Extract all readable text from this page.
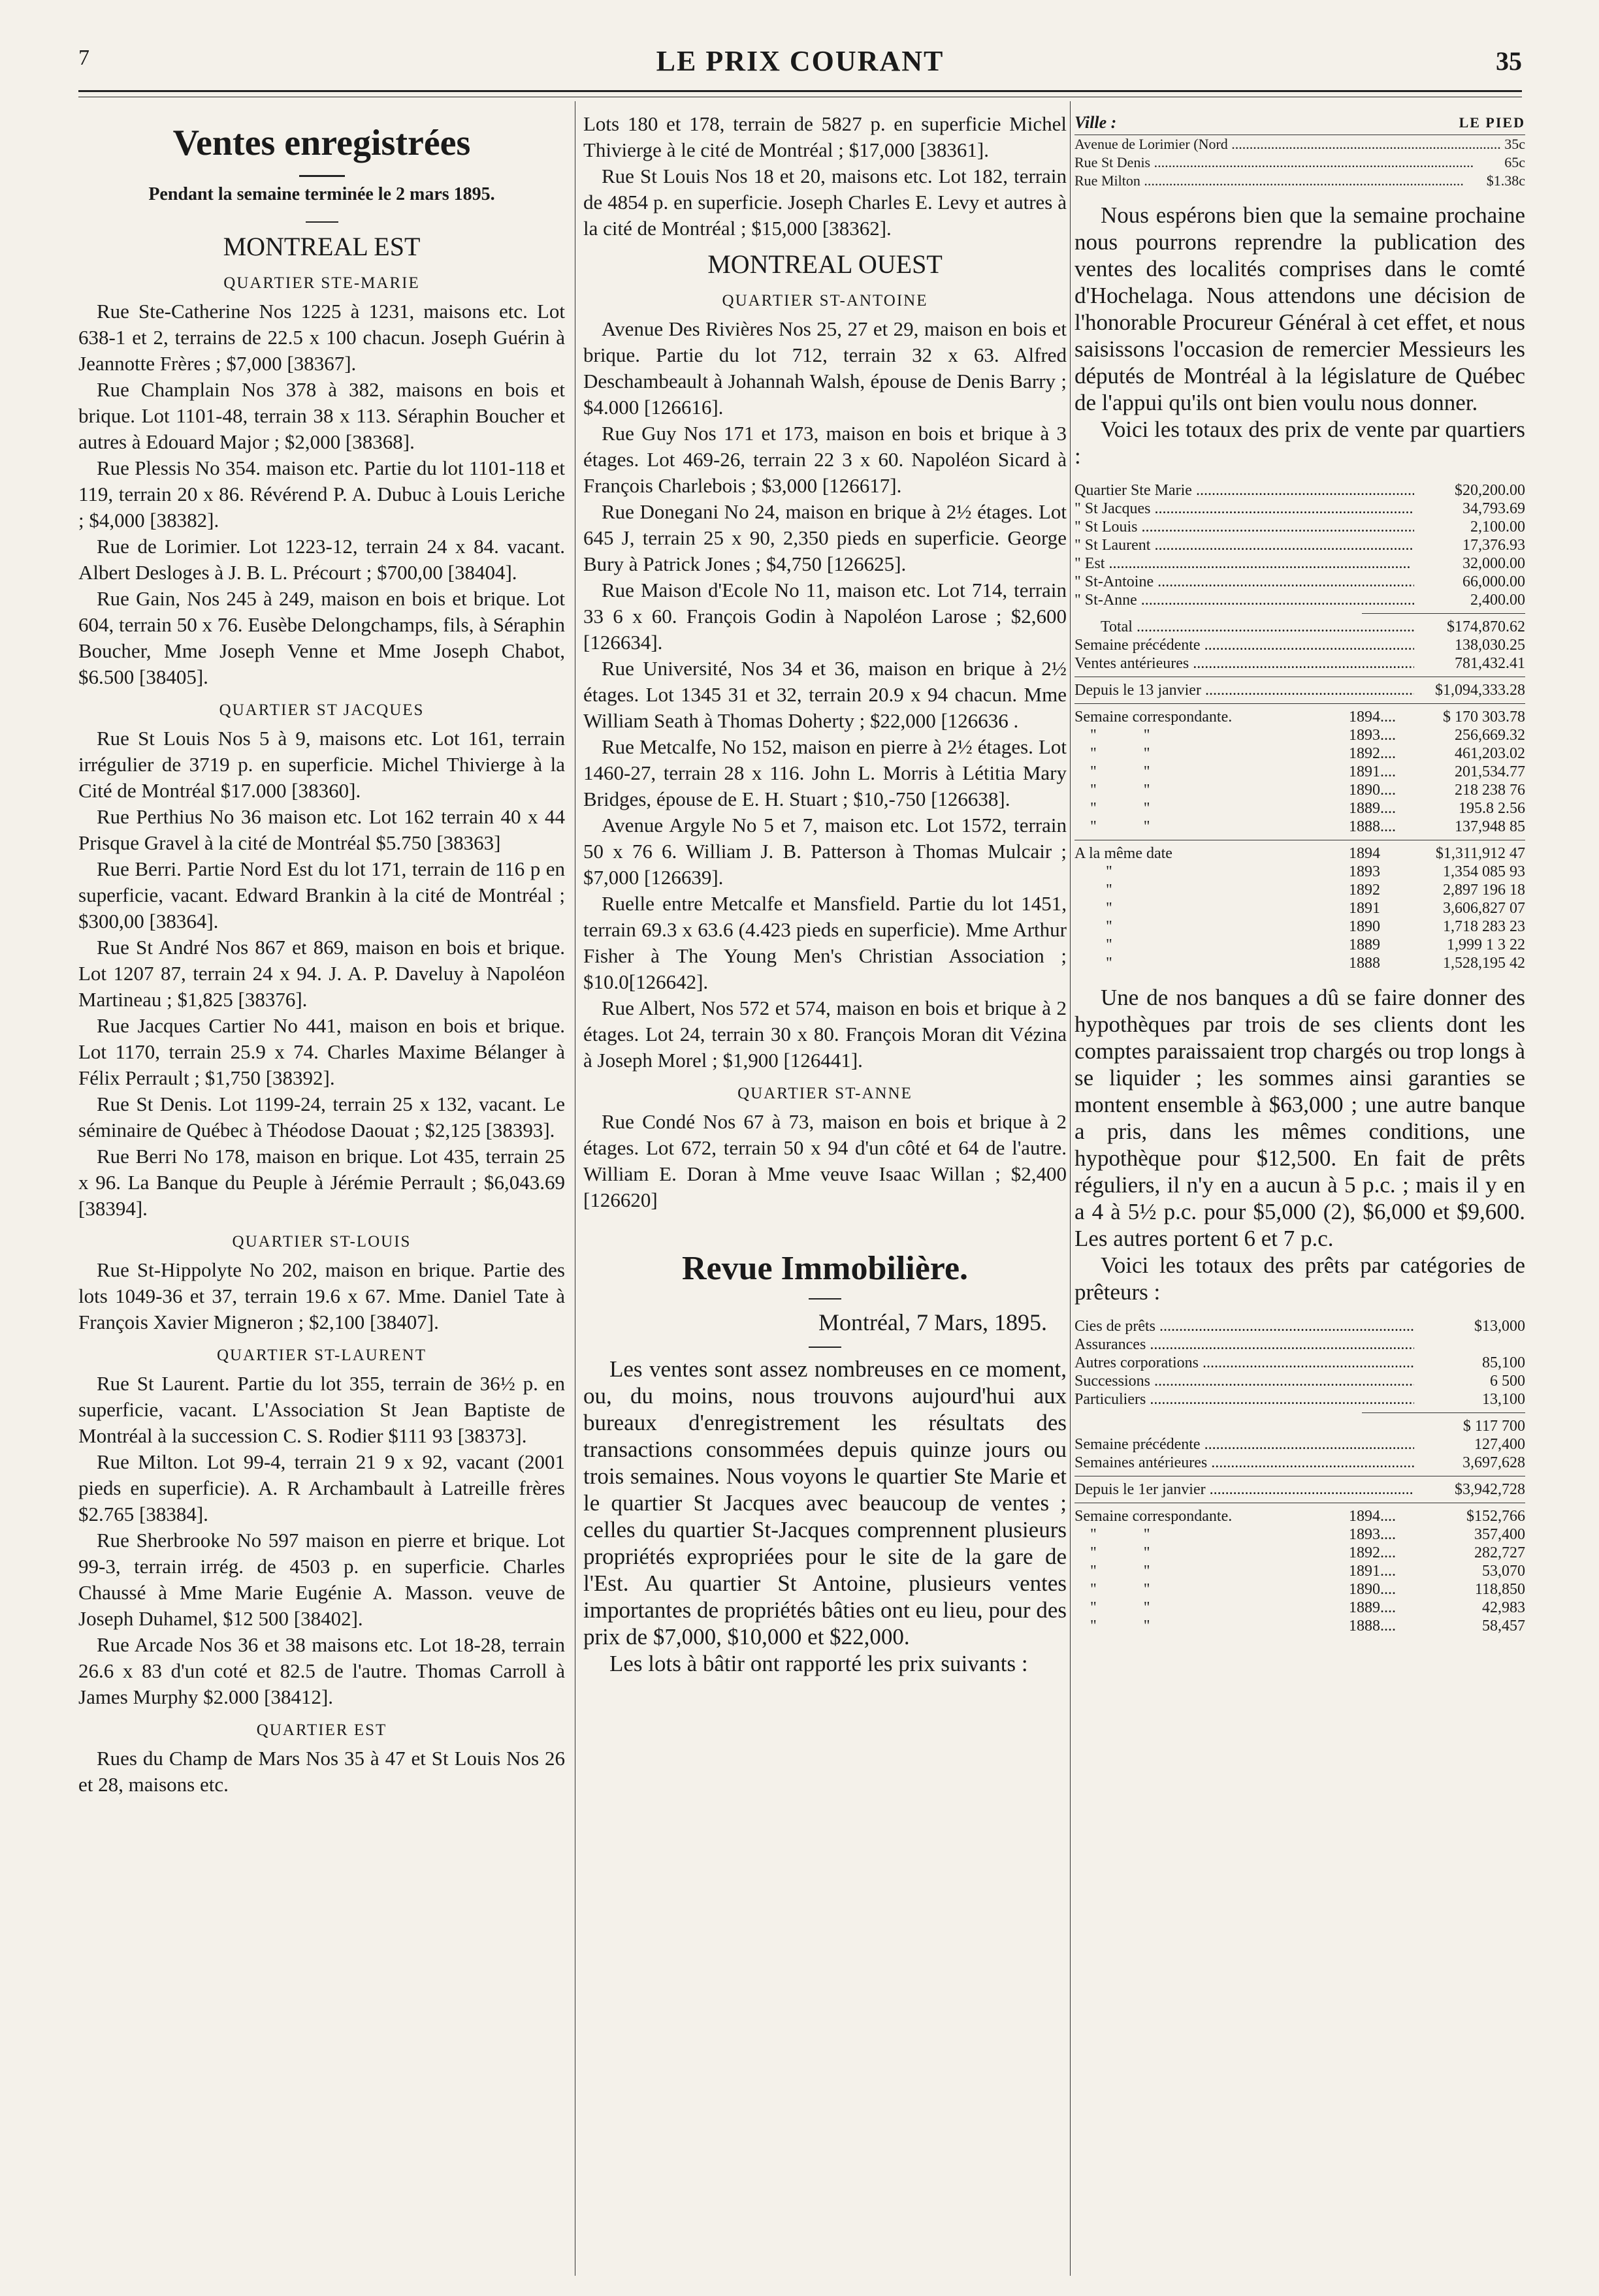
7	LE PRIX COURANT	35
Ventes enregistrées
Pendant la semaine terminée le 2 mars 1895.
MONTREAL EST
QUARTIER STE-MARIE

Rue Ste-Catherine Nos 1225 à 1231, maisons etc. Lot 638-1 et 2, terrains de 22.5 x 100 chacun. Joseph Guérin à Jeannotte Frères ; $7,000 [38367].

Rue Champlain Nos 378 à 382, maisons en bois et brique. Lot 1101-48, terrain 38 x 113. Séraphin Boucher et autres à Edouard Major ; $2,000 [38368].

Rue Plessis No 354. maison etc. Partie du lot 1101-118 et 119, terrain 20 x 86. Révérend P. A. Dubuc à Louis Leriche ; $4,000 [38382].

Rue de Lorimier. Lot 1223-12, terrain 24 x 84. vacant. Albert Desloges à J. B. L. Précourt ; $700,00 [38404].

Rue Gain, Nos 245 à 249, maison en bois et brique. Lot 604, terrain 50 x 76. Eusèbe Delongchamps, fils, à Séraphin Boucher, Mme Joseph Venne et Mme Joseph Chabot, $6.500 [38405].

QUARTIER ST JACQUES

Rue St Louis Nos 5 à 9, maisons etc. Lot 161, terrain irrégulier de 3719 p. en superficie. Michel Thivierge à la Cité de Montréal $17.000 [38360].

Rue Perthius No 36 maison etc. Lot 162 terrain 40 x 44 Prisque Gravel à la cité de Montréal $5.750 [38363]

Rue Berri. Partie Nord Est du lot 171, terrain de 116 p en superficie, vacant. Edward Brankin à la cité de Montréal ; $300,00 [38364].

Rue St André Nos 867 et 869, maison en bois et brique. Lot 1207 87, terrain 24 x 94. J. A. P. Daveluy à Napoléon Martineau ; $1,825 [38376].

Rue Jacques Cartier No 441, maison en bois et brique. Lot 1170, terrain 25.9 x 74. Charles Maxime Bélanger à Félix Perrault ; $1,750 [38392].

Rue St Denis. Lot 1199-24, terrain 25 x 132, vacant. Le séminaire de Québec à Théodose Daouat ; $2,125 [38393].

Rue Berri No 178, maison en brique. Lot 435, terrain 25 x 96. La Banque du Peuple à Jérémie Perrault ; $6,043.69 [38394].

QUARTIER ST-LOUIS

Rue St-Hippolyte No 202, maison en brique. Partie des lots 1049-36 et 37, terrain 19.6 x 67. Mme. Daniel Tate à François Xavier Migneron ; $2,100 [38407].

QUARTIER ST-LAURENT

Rue St Laurent. Partie du lot 355, terrain de 36½ p. en superficie, vacant. L'Association St Jean Baptiste de Montréal à la succession C. S. Rodier $111 93 [38373].

Rue Milton. Lot 99-4, terrain 21 9 x 92, vacant (2001 pieds en superficie). A. R Archambault à Latreille frères $2.765 [38384].

Rue Sherbrooke No 597 maison en pierre et brique. Lot 99-3, terrain irrég. de 4503 p. en superficie. Charles Chaussé à Mme Marie Eugénie A. Masson. veuve de Joseph Duhamel, $12 500 [38402].

Rue Arcade Nos 36 et 38 maisons etc. Lot 18-28, terrain 26.6 x 83 d'un coté et 82.5 de l'autre. Thomas Carroll à James Murphy $2.000 [38412].

QUARTIER EST

Rues du Champ de Mars Nos 35 à 47 et St Louis Nos 26 et 28, maisons etc.

Lots 180 et 178, terrain de 5827 p. en superficie Michel Thivierge à le cité de Montréal ; $17,000 [38361].

Rue St Louis Nos 18 et 20, maisons etc. Lot 182, terrain de 4854 p. en superficie. Joseph Charles E. Levy et autres à la cité de Montréal ; $15,000 [38362].

MONTREAL OUEST
QUARTIER ST-ANTOINE

Avenue Des Rivières Nos 25, 27 et 29, maison en bois et brique. Partie du lot 712, terrain 32 x 63. Alfred Deschambeault à Johannah Walsh, épouse de Denis Barry ; $4.000 [126616].

Rue Guy Nos 171 et 173, maison en bois et brique à 3 étages. Lot 469-26, terrain 22 3 x 60. Napoléon Sicard à François Charlebois ; $3,000 [126617].

Rue Donegani No 24, maison en brique à 2½ étages. Lot 645 J, terrain 25 x 90, 2,350 pieds en superficie. George Bury à Patrick Jones ; $4,750 [126625].

Rue Maison d'Ecole No 11, maison etc. Lot 714, terrain 33 6 x 60. François Godin à Napoléon Larose ; $2,600 [126634].

Rue Université, Nos 34 et 36, maison en brique à 2½ étages. Lot 1345 31 et 32, terrain 20.9 x 94 chacun. Mme William Seath à Thomas Doherty ; $22,000 [126636 .

Rue Metcalfe, No 152, maison en pierre à 2½ étages. Lot 1460-27, terrain 28 x 116. John L. Morris à Létitia Mary Bridges, épouse de E. H. Stuart ; $10,-750 [126638].

Avenue Argyle No 5 et 7, maison etc. Lot 1572, terrain 50 x 76 6. William J. B. Patterson à Thomas Mulcair ; $7,000 [126639].

Ruelle entre Metcalfe et Mansfield. Partie du lot 1451, terrain 69.3 x 63.6 (4.423 pieds en superficie). Mme Arthur Fisher à The Young Men's Christian Association ; $10.0[126642].

Rue Albert, Nos 572 et 574, maison en bois et brique à 2 étages. Lot 24, terrain 30 x 80. François Moran dit Vézina à Joseph Morel ; $1,900 [126441].

QUARTIER ST-ANNE

Rue Condé Nos 67 à 73, maison en bois et brique à 2 étages. Lot 672, terrain 50 x 94 d'un côté et 64 de l'autre. William E. Doran à Mme veuve Isaac Willan ; $2,400 [126620]

Revue Immobilière.
Montréal, 7 Mars, 1895.

Les ventes sont assez nombreuses en ce moment, ou, du moins, nous trouvons aujourd'hui aux bureaux d'enregistrement les résultats des transactions consommées depuis quinze jours ou trois semaines. Nous voyons le quartier Ste Marie et le quartier St Jacques avec beaucoup de ventes ; celles du quartier St-Jacques comprennent plusieurs propriétés expropriées pour le site de la gare de l'Est. Au quartier St Antoine, plusieurs ventes importantes de propriétés bâties ont eu lieu, pour des prix de $7,000, $10,000 et $22,000.

Les lots à bâtir ont rapporté les prix suivants :

Ville :	LE PIED
Avenue de Lorimier (Nord .....	35c
Rue St Denis .....	65c
Rue Milton .....	$1.38c

Nous espérons bien que la semaine prochaine nous pourrons reprendre la publication des ventes des localités comprises dans le comté d'Hochelaga. Nous attendons une décision de l'honorable Procureur Général à cet effet, et nous saisissons l'occasion de remercier Messieurs les députés de Montréal à la législature de Québec de l'appui qu'ils ont bien voulu nous donner.

Voici les totaux des prix de vente par quartiers :

Quartier Ste Marie .....	$20,200.00
" St Jacques .....	34,793.69
" St Louis .....	2,100.00
" St Laurent .....	17,376.93
" Est .....	32,000.00
" St-Antoine .....	66,000.00
" St-Anne .....	2,400.00
Total .....	$174,870.62
Semaine précédente .....	138,030.25
Ventes antérieures .....	781,432.41
Depuis le 13 janvier .....	$1,094,333.28
Semaine correspondante.	1894....	$ 170 303.78
"            "	1893....	256,669.32
"            "	1892....	461,203.02
"            "	1891....	201,534.77
"            "	1890....	218 238 76
"            "	1889....	195.8 2.56
"            "	1888....	137,948 85
A la même date	1894	$1,311,912 47
"	1893	1,354 085 93
"	1892	2,897 196 18
"	1891	3,606,827 07
"	1890	1,718 283 23
"	1889	1,999 1 3 22
"	1888	1,528,195 42

Une de nos banques a dû se faire donner des hypothèques par trois de ses clients dont les comptes paraissaient trop chargés ou trop longs à se liquider ; les sommes ainsi garanties se montent ensemble à $63,000 ; une autre banque a pris, dans les mêmes conditions, une hypothèque pour $12,500. En fait de prêts réguliers, il n'y en a aucun à 5 p.c. ; mais il y en a 4 à 5½ p.c. pour $5,000 (2), $6,000 et $9,600. Les autres portent 6 et 7 p.c.

Voici les totaux des prêts par catégories de prêteurs :

Cies de prêts .....	$13,000
Assurances .....
Autres corporations .....	85,100
Successions .....	6 500
Particuliers .....	13,100
$ 117 700
Semaine précédente .....	127,400
Semaines antérieures .....	3,697,628
Depuis le 1er janvier .....	$3,942,728
Semaine correspondante.	1894....	$152,766
"            "	1893....	357,400
"            "	1892....	282,727
"            "	1891....	53,070
"            "	1890....	118,850
"            "	1889....	42,983
"            "	1888....	58,457
